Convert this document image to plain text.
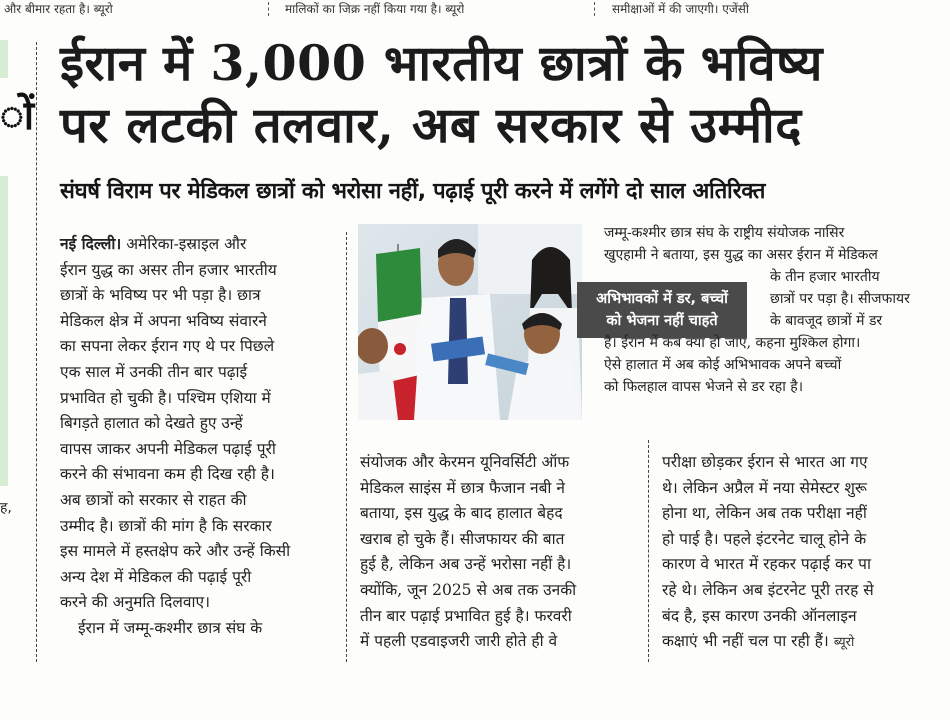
और बीमार रहता है। ब्यूरो	मालिकों का जिक्र नहीं किया गया है। ब्यूरो	समीक्षाओं में की जाएगी। एजेंसी
ों
ह,
ईरान में 3,000 भारतीय छात्रों के भविष्य
पर लटकी तलवार, अब सरकार से उम्मीद
संघर्ष विराम पर मेडिकल छात्रों को भरोसा नहीं, पढ़ाई पूरी करने में लगेंगे दो साल अतिरिक्त
नई दिल्ली। अमेरिका-इस्राइल और
ईरान युद्ध का असर तीन हजार भारतीय
छात्रों के भविष्य पर भी पड़ा है। छात्र
मेडिकल क्षेत्र में अपना भविष्य संवारने
का सपना लेकर ईरान गए थे पर पिछले
एक साल में उनकी तीन बार पढ़ाई
प्रभावित हो चुकी है। पश्चिम एशिया में
बिगड़ते हालात को देखते हुए उन्हें
वापस जाकर अपनी मेडिकल पढ़ाई पूरी
करने की संभावना कम ही दिख रही है।
अब छात्रों को सरकार से राहत की
उम्मीद है। छात्रों की मांग है कि सरकार
इस मामले में हस्तक्षेप करे और उन्हें किसी
अन्य देश में मेडिकल की पढ़ाई पूरी
करने की अनुमति दिलवाए।
ईरान में जम्मू-कश्मीर छात्र संघ के
अभिभावकों में डर, बच्चों
को भेजना नहीं चाहते
जम्मू-कश्मीर छात्र संघ के राष्ट्रीय संयोजक नासिर
खुएहामी ने बताया, इस युद्ध का असर ईरान में मेडिकल
के तीन हजार भारतीय
छात्रों पर पड़ा है। सीजफायर
के बावजूद छात्रों में डर
है। ईरान में कब क्या हो जाए, कहना मुश्किल होगा।
ऐसे हालात में अब कोई अभिभावक अपने बच्चों
को फिलहाल वापस भेजने से डर रहा है।
संयोजक और केरमन यूनिवर्सिटी ऑफ
मेडिकल साइंस में छात्र फैजान नबी ने
बताया, इस युद्ध के बाद हालात बेहद
खराब हो चुके हैं। सीजफायर की बात
हुई है, लेकिन अब उन्हें भरोसा नहीं है।
क्योंकि, जून 2025 से अब तक उनकी
तीन बार पढ़ाई प्रभावित हुई है। फरवरी
में पहली एडवाइजरी जारी होते ही वे
परीक्षा छोड़कर ईरान से भारत आ गए
थे। लेकिन अप्रैल में नया सेमेस्टर शुरू
होना था, लेकिन अब तक परीक्षा नहीं
हो पाई है। पहले इंटरनेट चालू होने के
कारण वे भारत में रहकर पढ़ाई कर पा
रहे थे। लेकिन अब इंटरनेट पूरी तरह से
बंद है, इस कारण उनकी ऑनलाइन
कक्षाएं भी नहीं चल पा रही हैं। ब्यूरो
